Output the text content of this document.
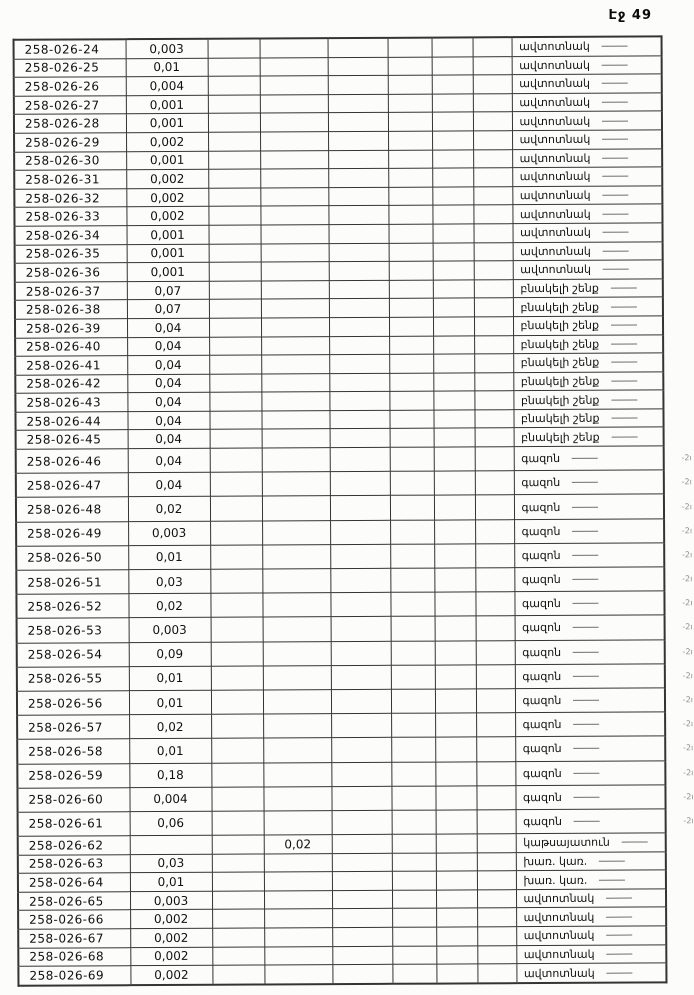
Էջ 49
258-026-24	0,003							ավտոտնակ	
258-026-25	0,01							ավտոտնակ	
258-026-26	0,004							ավտոտնակ	
258-026-27	0,001							ավտոտնակ	
258-026-28	0,001							ավտոտնակ	
258-026-29	0,002							ավտոտնակ	
258-026-30	0,001							ավտոտնակ	
258-026-31	0,002							ավտոտնակ	
258-026-32	0,002							ավտոտնակ	
258-026-33	0,002							ավտոտնակ	
258-026-34	0,001							ավտոտնակ	
258-026-35	0,001							ավտոտնակ	
258-026-36	0,001							ավտոտնակ	
258-026-37	0,07							բնակելի շենք	
258-026-38	0,07							բնակելի շենք	
258-026-39	0,04							բնակելի շենք	
258-026-40	0,04							բնակելի շենք	
258-026-41	0,04							բնակելի շենք	
258-026-42	0,04							բնակելի շենք	
258-026-43	0,04							բնակելի շենք	
258-026-44	0,04							բնակելի շենք	
258-026-45	0,04							բնակելի շենք	
258-026-46	0,04							գազոն	-2ı
258-026-47	0,04							գազոն	-2ı
258-026-48	0,02							գազոն	-2ı
258-026-49	0,003							գազոն	-2ı
258-026-50	0,01							գազոն	-2ı
258-026-51	0,03							գազոն	-2ı
258-026-52	0,02							գազոն	-2ı
258-026-53	0,003							գազոն	-2ı
258-026-54	0,09							գազոն	-2ı
258-026-55	0,01							գազոն	-2ı
258-026-56	0,01							գազոն	-2ı
258-026-57	0,02							գազոն	-2ı
258-026-58	0,01							գազոն	-2ı
258-026-59	0,18							գազոն	-2ı
258-026-60	0,004							գազոն	-2ı
258-026-61	0,06							գազոն	-2ı
258-026-62			0,02					կաթսայատուն	
258-026-63	0,03							խառ. կառ.	
258-026-64	0,01							խառ. կառ.	
258-026-65	0,003							ավտոտնակ	
258-026-66	0,002							ավտոտնակ	
258-026-67	0,002							ավտոտնակ	
258-026-68	0,002							ավտոտնակ	
258-026-69	0,002							ավտոտնակ	
